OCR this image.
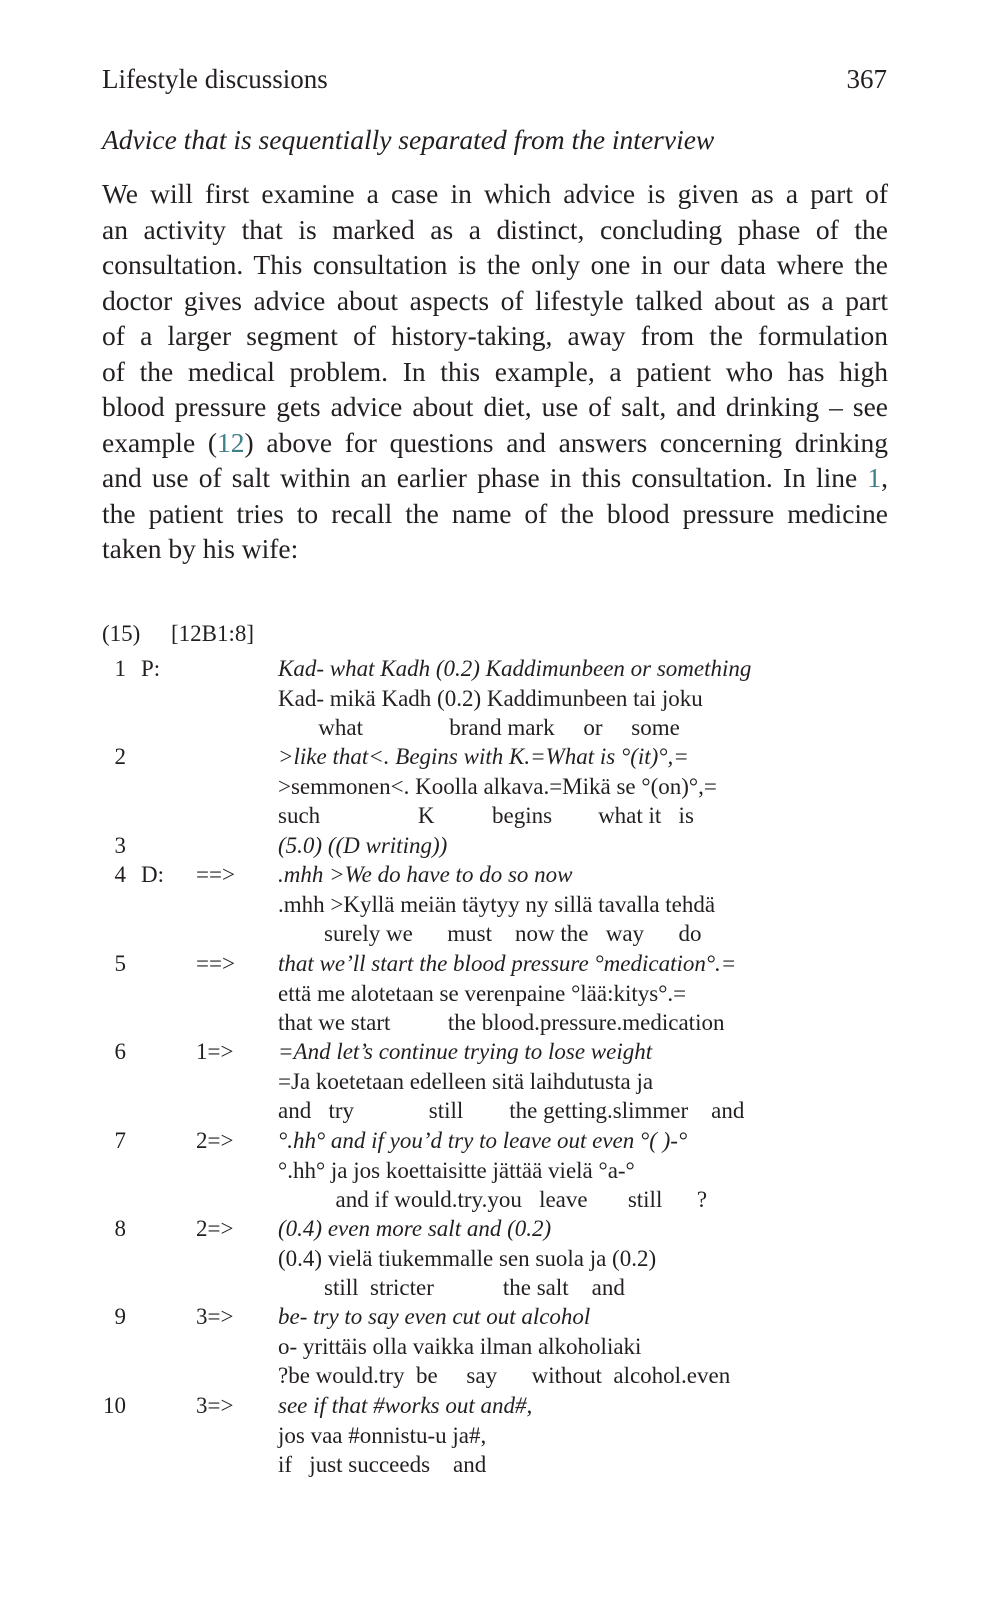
Lifestyle discussions	367
Advice that is sequentially separated from the interview
We will first examine a case in which advice is given as a part of
an activity that is marked as a distinct, concluding phase of the
consultation. This consultation is the only one in our data where the
doctor gives advice about aspects of lifestyle talked about as a part
of a larger segment of history-taking, away from the formulation
of the medical problem. In this example, a patient who has high
blood pressure gets advice about diet, use of salt, and drinking – see
example (12) above for questions and answers concerning drinking
and use of salt within an earlier phase in this consultation. In line 1,
the patient tries to recall the name of the blood pressure medicine
taken by his wife:
(15) [12B1:8]
1 P:	Kad- what Kadh (0.2) Kaddimunbeen or something
Kad- mikä Kadh (0.2) Kaddimunbeen tai joku
what               brand mark     or     some
2	>like that<. Begins with K.=What is °(it)°,=
>semmonen<. Koolla alkava.=Mikä se °(on)°,=
such                 K          begins        what it   is
3	(5.0) ((D writing))
4 D: ==> .mhh >We do have to do so now
.mhh >Kyllä meiän täytyy ny sillä tavalla tehdä
surely we      must    now the   way      do
5	==> that we’ll start the blood pressure °medication°.=
että me alotetaan se verenpaine °lää:kitys°.=
that we start          the blood.pressure.medication
6	1=> =And let’s continue trying to lose weight
=Ja koetetaan edelleen sitä laihdutusta ja
and   try             still        the getting.slimmer    and
7	2=> °.hh° and if you’d try to leave out even °( )-°
°.hh° ja jos koettaisitte jättää vielä °a-°
and if would.try.you   leave       still      ?
8	2=> (0.4) even more salt and (0.2)
(0.4) vielä tiukemmalle sen suola ja (0.2)
still  stricter            the salt    and
9	3=> be- try to say even cut out alcohol
o- yrittäis olla vaikka ilman alkoholiaki
?be would.try  be     say      without  alcohol.even
10	3=> see if that #works out and#,
jos vaa #onnistu-u ja#,
if   just succeeds    and
